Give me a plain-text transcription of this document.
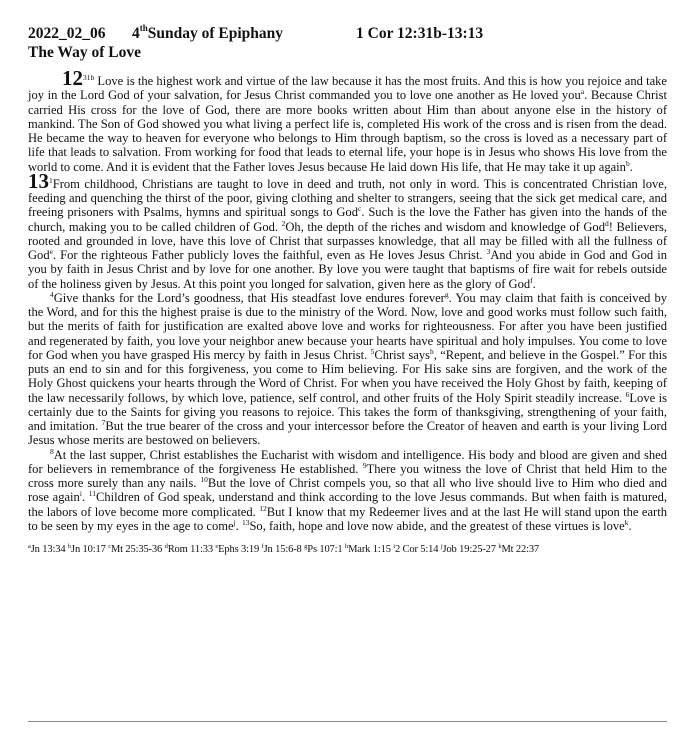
2022_02_06 4thSunday of Epiphany	1 Cor 12:31b-13:13
The Way of Love

$12^{31b}$ Love is the highest work and virtue of the law because it has the most fruits. And this is how you rejoice and take joy in the Lord God of your salvation, for Jesus Christ commanded you to love one another as He loved you$^a$. Because Christ carried His cross for the love of God, there are more books written about Him than about anyone else in the history of mankind. The Son of God showed you what living a perfect life is, completed His work of the cross and is risen from the dead. He became the way to heaven for everyone who belongs to Him through baptism, so the cross is loved as a necessary part of life that leads to salvation. From working for food that leads to eternal life, your hope is in Jesus who shows His love from the world to come. And it is evident that the Father loves Jesus because He laid down His life, that He may take it up again$^b$.

$13^1From$ childhood, Christians are taught to love in deed and truth, not only in word. This is concentrated Christian love, feeding and quenching the thirst of the poor, giving clothing and shelter to strangers, seeing that the sick get medical care, and freeing prisoners with Psalms, hymns and spiritual songs to God$^c$. Such is the love the Father has given into the hands of the church, making you to be called children of God. $^2$Oh, the depth of the riches and wisdom and knowledge of God$^d$! Believers, rooted and grounded in love, have this love of Christ that surpasses knowledge, that all may be filled with all the fullness of God$^e$. For the righteous Father publicly loves the faithful, even as He loves Jesus Christ. $^3$And you abide in God and God in you by faith in Jesus Christ and by love for one another. By love you were taught that baptisms of fire wait for rebels outside of the holiness given by Jesus. At this point you longed for salvation, given here as the glory of God$^f$.

$^4$Give thanks for the Lord’s goodness, that His steadfast love endures forever$^g$. You may claim that faith is conceived by the Word, and for this the highest praise is due to the ministry of the Word. Now, love and good works must follow such faith, but the merits of faith for justification are exalted above love and works for righteousness. For after you have been justified and regenerated by faith, you love your neighbor anew because your hearts have spiritual and holy impulses. You come to love for God when you have grasped His mercy by faith in Jesus Christ. $^5$Christ says$^h$, “Repent, and believe in the Gospel.” For this puts an end to sin and for this forgiveness, you come to Him believing. For His sake sins are forgiven, and the work of the Holy Ghost quickens your hearts through the Word of Christ. For when you have received the Holy Ghost by faith, keeping of the law necessarily follows, by which love, patience, self control, and other fruits of the Holy Spirit steadily increase. $^6$Love is certainly due to the Saints for giving you reasons to rejoice. This takes the form of thanksgiving, strengthening of your faith, and imitation. $^7$But the true bearer of the cross and your intercessor before the Creator of heaven and earth is your living Lord Jesus whose merits are bestowed on believers.

$^8$At the last supper, Christ establishes the Eucharist with wisdom and intelligence. His body and blood are given and shed for believers in remembrance of the forgiveness He established. $^9$There you witness the love of Christ that held Him to the cross more surely than any nails. $^{10}$But the love of Christ compels you, so that all who live should live to Him who died and rose again$^i$. $^{11}$Children of God speak, understand and think according to the love Jesus commands. But when faith is matured, the labors of love become more complicated. $^{12}$But I know that my Redeemer lives and at the last He will stand upon the earth to be seen by my eyes in the age to come$^j$. $^{13}$So, faith, hope and love now abide, and the greatest of these virtues is love$^k$.

$^a$Jn 13:34 $^b$Jn 10:17 $^c$Mt 25:35-36 $^d$Rom 11:33 $^e$Ephs 3:19 $^f$Jn 15:6-8 $^g$Ps 107:1 $^h$Mark 1:15 $^i$2 Cor 5:14 $^j$Job 19:25-27 $^k$Mt 22:37
